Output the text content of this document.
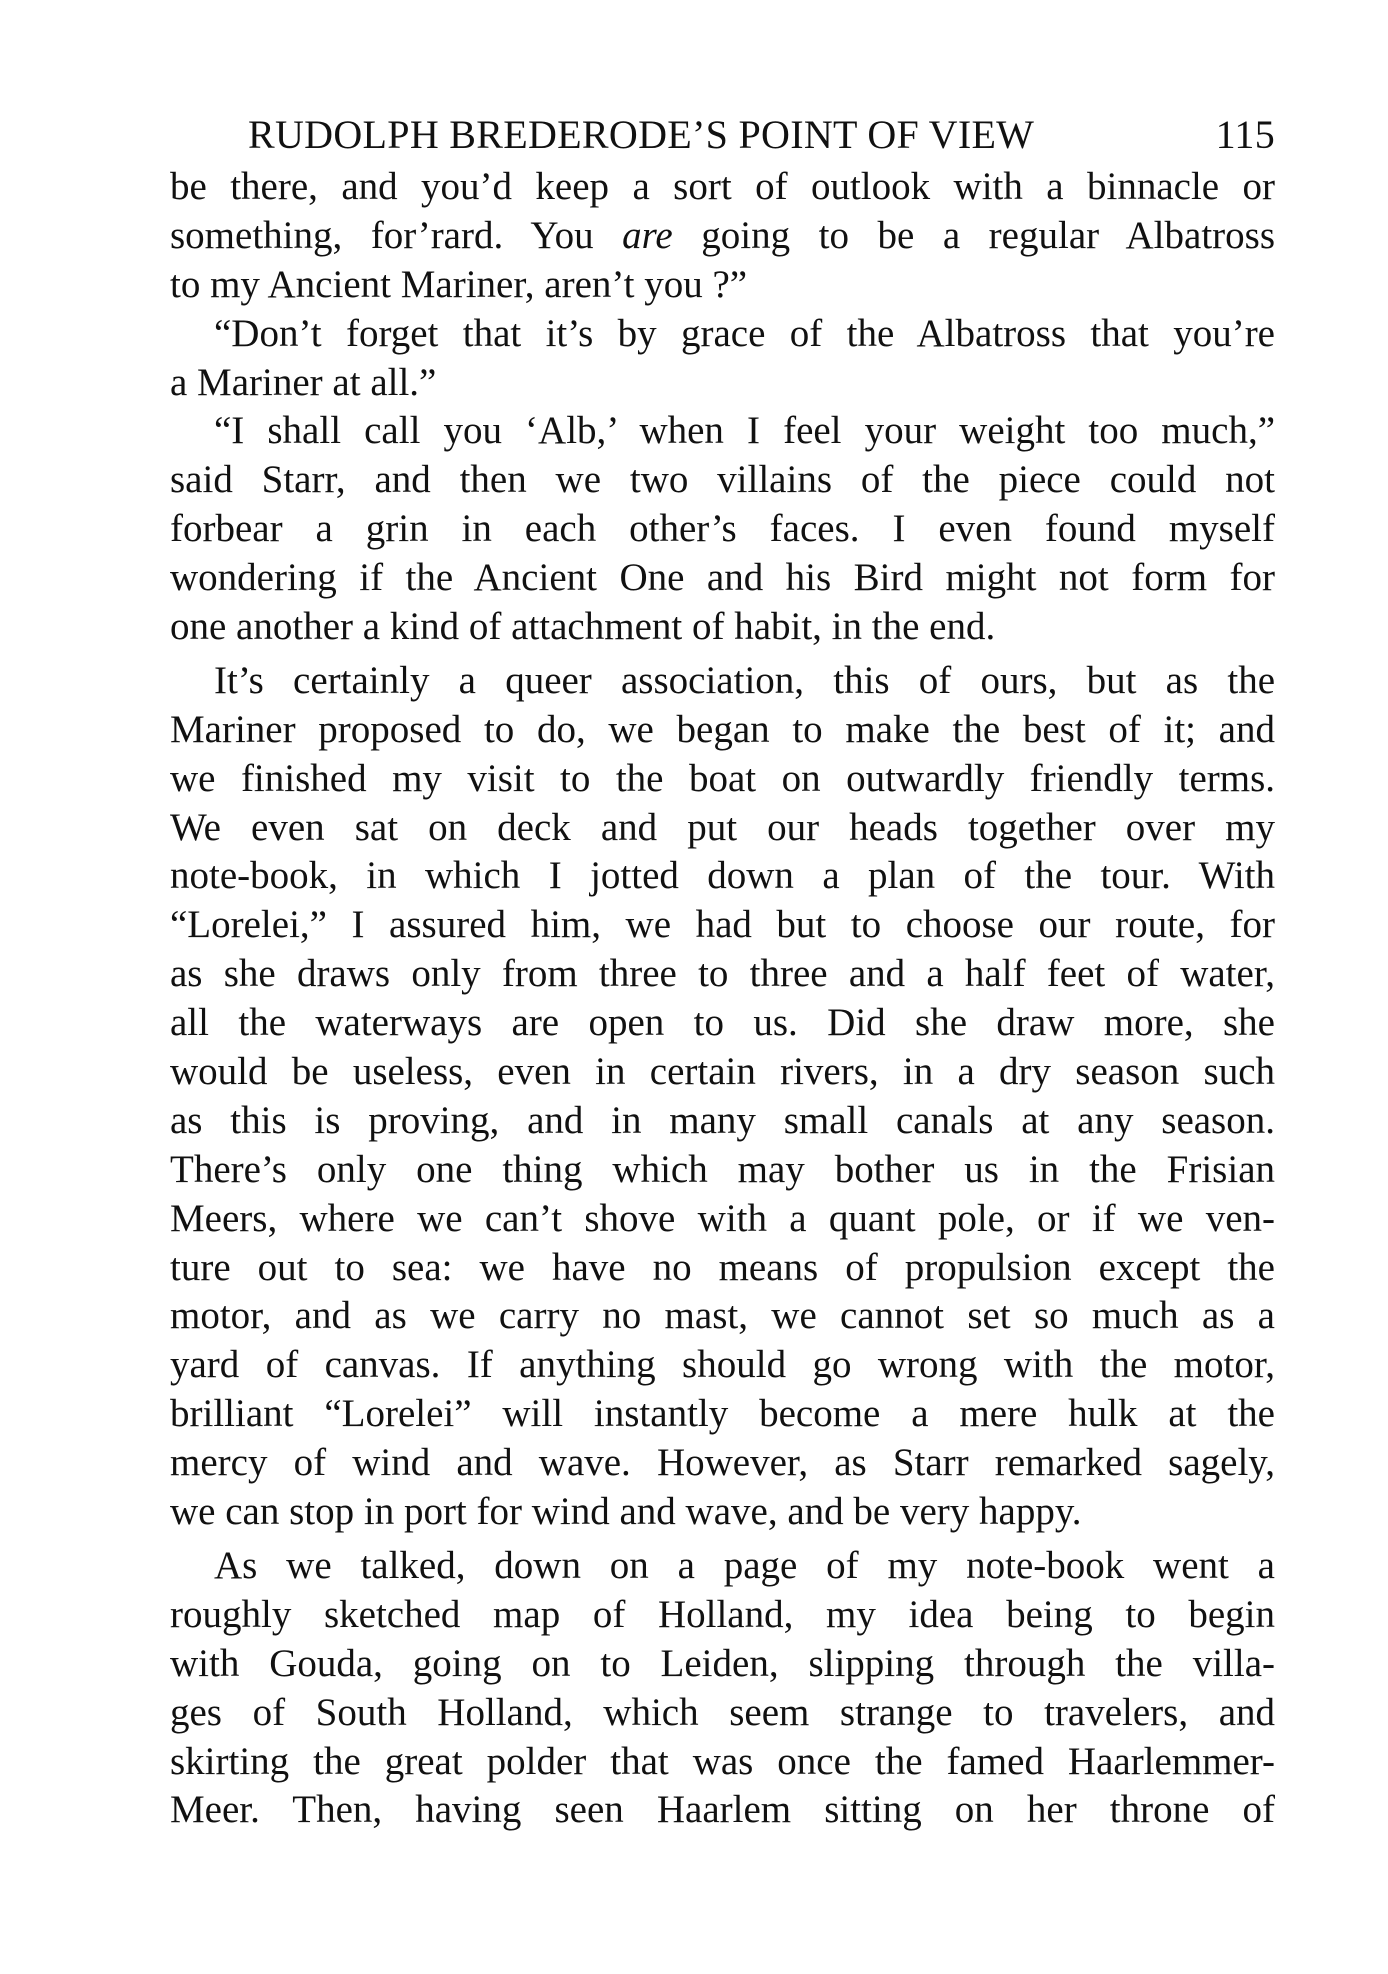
RUDOLPH BREDERODE’S POINT OF VIEW	115
be there, and you’d keep a sort of outlook with a binnacle or
something, for’rard. You are going to be a regular Albatross
to my Ancient Mariner, aren’t you ?”
“Don’t forget that it’s by grace of the Albatross that you’re
a Mariner at all.”
“I shall call you ‘Alb,’ when I feel your weight too much,”
said Starr, and then we two villains of the piece could not
forbear a grin in each other’s faces. I even found myself
wondering if the Ancient One and his Bird might not form for
one another a kind of attachment of habit, in the end.
It’s certainly a queer association, this of ours, but as the
Mariner proposed to do, we began to make the best of it; and
we finished my visit to the boat on outwardly friendly terms.
We even sat on deck and put our heads together over my
note-book, in which I jotted down a plan of the tour. With
“Lorelei,” I assured him, we had but to choose our route, for
as she draws only from three to three and a half feet of water,
all the waterways are open to us. Did she draw more, she
would be useless, even in certain rivers, in a dry season such
as this is proving, and in many small canals at any season.
There’s only one thing which may bother us in the Frisian
Meers, where we can’t shove with a quant pole, or if we ven-
ture out to sea: we have no means of propulsion except the
motor, and as we carry no mast, we cannot set so much as a
yard of canvas. If anything should go wrong with the motor,
brilliant “Lorelei” will instantly become a mere hulk at the
mercy of wind and wave. However, as Starr remarked sagely,
we can stop in port for wind and wave, and be very happy.
As we talked, down on a page of my note-book went a
roughly sketched map of Holland, my idea being to begin
with Gouda, going on to Leiden, slipping through the villa-
ges of South Holland, which seem strange to travelers, and
skirting the great polder that was once the famed Haarlemmer-
Meer. Then, having seen Haarlem sitting on her throne of
